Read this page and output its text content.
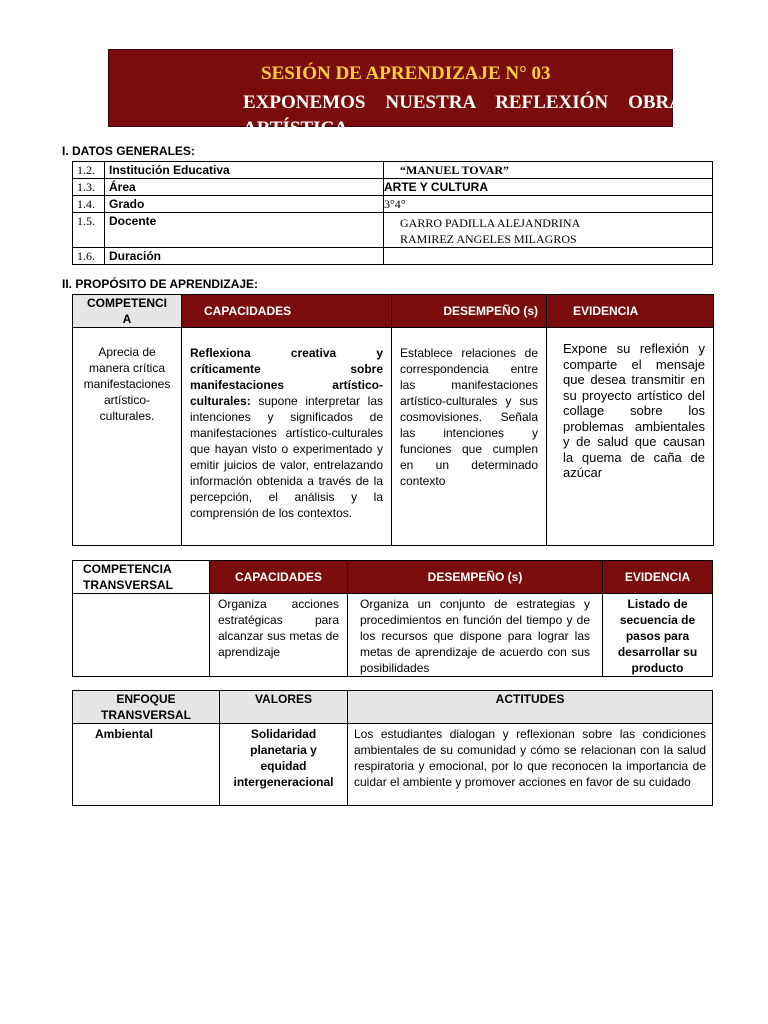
SESIÓN DE APRENDIZAJE N° 03
EXPONEMOS NUESTRA REFLEXIÓN OBRA ARTÍSTICA
I. DATOS GENERALES:
1.2.	Institución Educativa	“MANUEL TOVAR”
1.3.	Área	ARTE Y CULTURA
1.4.	Grado	3°4°
1.5.	Docente	GARRO PADILLA ALEJANDRINA
RAMIREZ ANGELES MILAGROS

1.6.	Duración	
II. PROPÓSITO DE APRENDIZAJE:
COMPETENCIA	CAPACIDADES	DESEMPEÑO (s)	EVIDENCIA
Aprecia de manera crítica manifestaciones artístico-culturales.	Reflexiona creativa y críticamente sobre manifestaciones artístico-culturales: supone interpretar las intenciones y significados de manifestaciones artístico-culturales que hayan visto o experimentado y emitir juicios de valor, entrelazando información obtenida a través de la percepción, el análisis y la comprensión de los contextos.	Establece relaciones de correspondencia entre las manifestaciones artístico-culturales y sus cosmovisiones. Señala las intenciones y funciones que cumplen en un determinado contexto	Expone su reflexión y comparte el mensaje que desea transmitir en su proyecto artístico del collage sobre los problemas ambientales y de salud que causan la quema de caña de azúcar
COMPETENCIA TRANSVERSAL	CAPACIDADES	DESEMPEÑO (s)	EVIDENCIA
	Organiza acciones estratégicas para alcanzar sus metas de aprendizaje	Organiza un conjunto de estrategias y procedimientos en función del tiempo y de los recursos que dispone para lograr las metas de aprendizaje de acuerdo con sus posibilidades	Listado de secuencia de pasos para desarrollar su producto
ENFOQUE TRANSVERSAL	VALORES	ACTITUDES
Ambiental	Solidaridad planetaria y equidad intergeneracional	Los estudiantes dialogan y reflexionan sobre las condiciones ambientales de su comunidad y cómo se relacionan con la salud respiratoria y emocional, por lo que reconocen la importancia de cuidar el ambiente y promover acciones en favor de su cuidado
